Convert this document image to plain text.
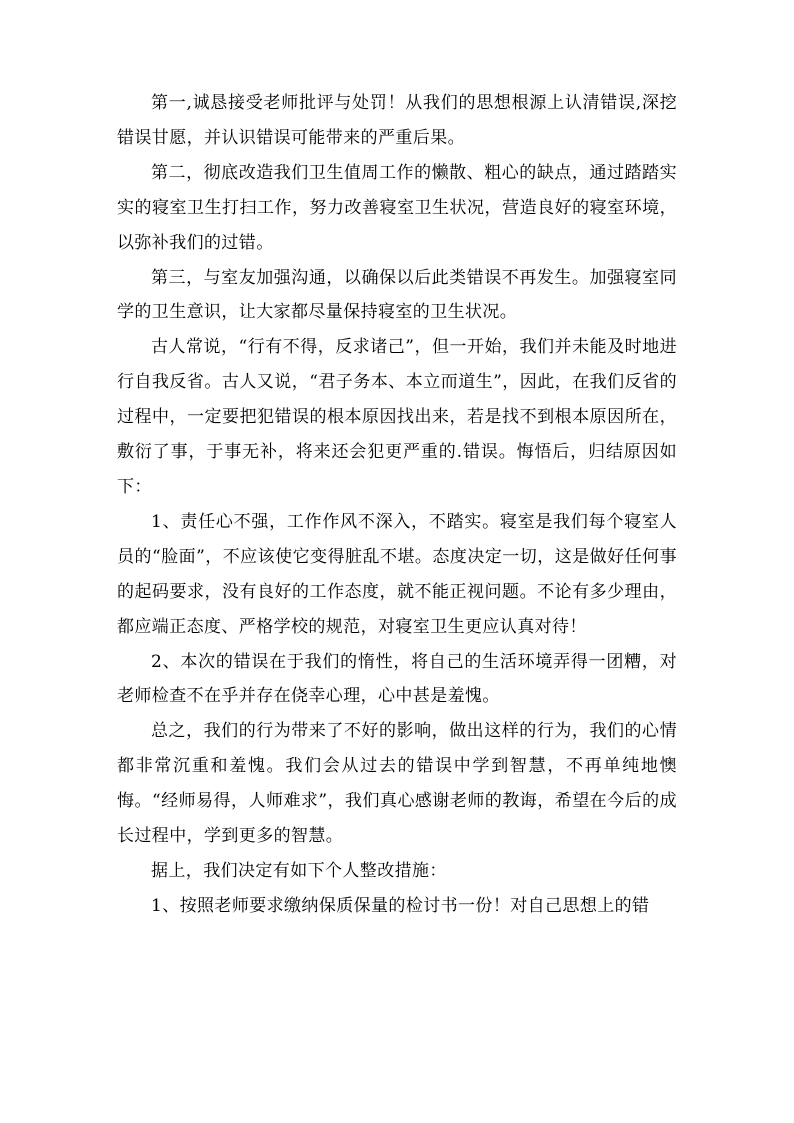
第一,诚恳接受老师批评与处罚！从我们的思想根源上认清错误,深挖错误甘愿，并认识错误可能带来的严重后果。

第二，彻底改造我们卫生值周工作的懒散、粗心的缺点，通过踏踏实实的寝室卫生打扫工作，努力改善寝室卫生状况，营造良好的寝室环境，以弥补我们的过错。

第三，与室友加强沟通，以确保以后此类错误不再发生。加强寝室同学的卫生意识，让大家都尽量保持寝室的卫生状况。

古人常说，“行有不得，反求诸己”，但一开始，我们并未能及时地进行自我反省。古人又说，“君子务本、本立而道生”，因此，在我们反省的过程中，一定要把犯错误的根本原因找出来，若是找不到根本原因所在，敷衍了事，于事无补，将来还会犯更严重的.错误。悔悟后，归结原因如下：

1、责任心不强，工作作风不深入，不踏实。寝室是我们每个寝室人员的“脸面”，不应该使它变得脏乱不堪。态度决定一切，这是做好任何事的起码要求，没有良好的工作态度，就不能正视问题。不论有多少理由，都应端正态度、严格学校的规范，对寝室卫生更应认真对待！

2、本次的错误在于我们的惰性，将自己的生活环境弄得一团糟，对老师检查不在乎并存在侥幸心理，心中甚是羞愧。

总之，我们的行为带来了不好的影响，做出这样的行为，我们的心情都非常沉重和羞愧。我们会从过去的错误中学到智慧，不再单纯地懊悔。“经师易得，人师难求”，我们真心感谢老师的教诲，希望在今后的成长过程中，学到更多的智慧。

据上，我们决定有如下个人整改措施：

1、按照老师要求缴纳保质保量的检讨书一份！对自己思想上的错
